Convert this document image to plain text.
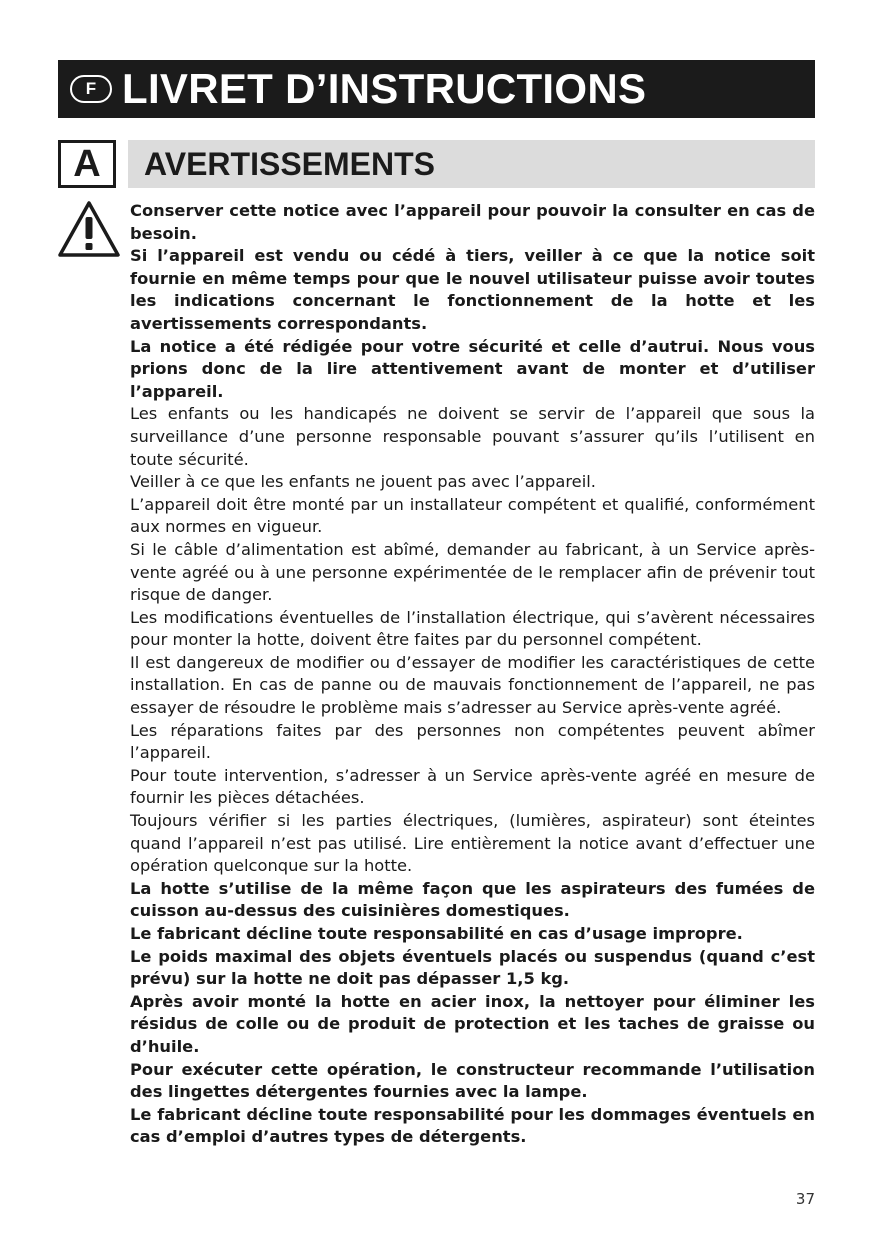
F LIVRET D’INSTRUCTIONS
A	AVERTISSEMENTS

Conserver cette notice avec l’appareil pour pouvoir la consulter en cas de besoin.

Si l’appareil est vendu ou cédé à tiers, veiller à ce que la notice soit fournie en même temps pour que le nouvel utilisateur puisse avoir toutes les indications concernant le fonctionnement de la hotte et les avertissements correspondants.

La notice a été rédigée pour votre sécurité et celle d’autrui. Nous vous prions donc de la lire attentivement avant de monter et d’utiliser l’appareil.

Les enfants ou les handicapés ne doivent se servir de l’appareil que sous la surveillance d’une personne responsable pouvant s’assurer qu’ils l’utilisent en toute sécurité.

Veiller à ce que les enfants ne jouent pas avec l’appareil.

L’appareil doit être monté par un installateur compétent et qualifié, conformément aux normes en vigueur.

Si le câble d’alimentation est abîmé, demander au fabricant, à un Service après-vente agréé ou à une personne expérimentée de le remplacer afin de prévenir tout risque de danger.

Les modifications éventuelles de l’installation électrique, qui s’avèrent nécessaires pour monter la hotte, doivent être faites par du personnel compétent.

Il est dangereux de modifier ou d’essayer de modifier les caractéristiques de cette installation. En cas de panne ou de mauvais fonctionnement de l’appareil, ne pas essayer de résoudre le problème mais s’adresser au Service après-vente agréé.

Les réparations faites par des personnes non compétentes peuvent abîmer l’appareil.

Pour toute intervention, s’adresser à un Service après-vente agréé en mesure de fournir les pièces détachées.

Toujours vérifier si les parties électriques, (lumières, aspirateur) sont éteintes quand l’appareil n’est pas utilisé. Lire entièrement la notice avant d’effectuer une opération quelconque sur la hotte.

La hotte s’utilise de la même façon que les aspirateurs des fumées de cuisson au-dessus des cuisinières domestiques.

Le fabricant décline toute responsabilité en cas d’usage impropre.

Le poids maximal des objets éventuels placés ou suspendus (quand c’est prévu) sur la hotte ne doit pas dépasser 1,5 kg.

Après avoir monté la hotte en acier inox, la nettoyer pour éliminer les résidus de colle ou de produit de protection et les taches de graisse ou d’huile.

Pour exécuter cette opération, le constructeur recommande l’utilisation des lingettes détergentes fournies avec la lampe.

Le fabricant décline toute responsabilité pour les dommages éventuels en cas d’emploi d’autres types de détergents.

37
